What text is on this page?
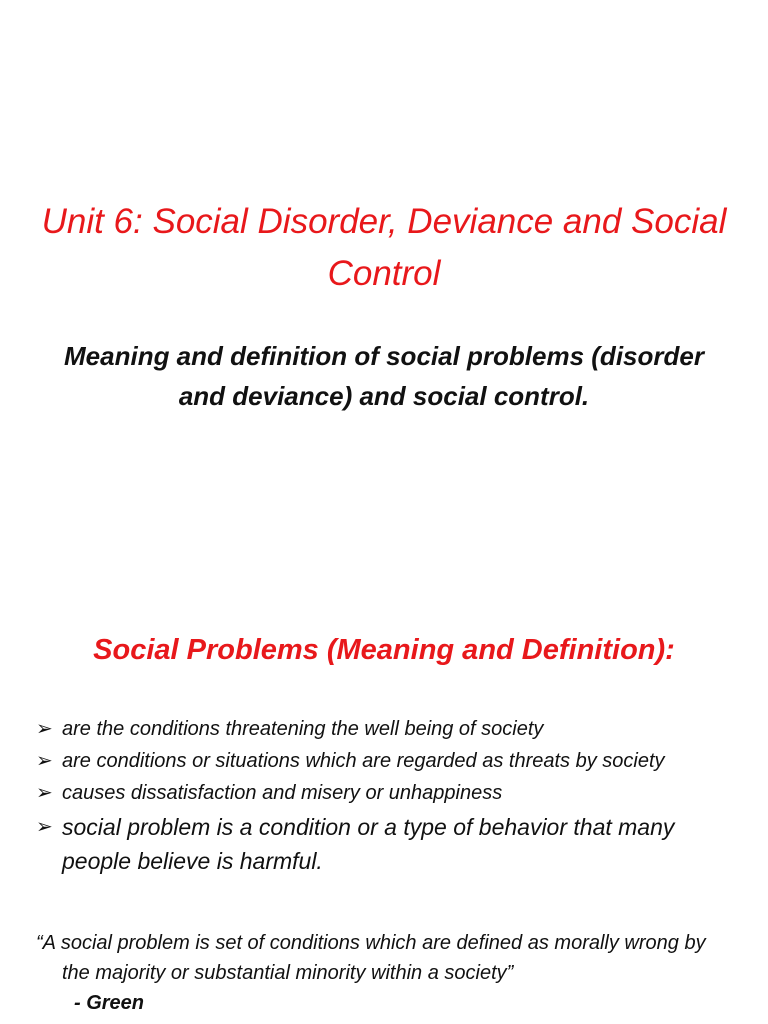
Unit 6: Social Disorder, Deviance and Social Control
Meaning and definition of social problems (disorder and deviance) and social control.
Social Problems (Meaning and Definition):
➢ are the conditions threatening the well being of society
➢ are conditions or situations which are regarded as threats by society
➢ causes dissatisfaction and misery or unhappiness
➢ social problem is a condition or a type of behavior that many people believe is harmful.

“A social problem is set of conditions which are defined as morally wrong by the majority or substantial minority within a society”

- Green
